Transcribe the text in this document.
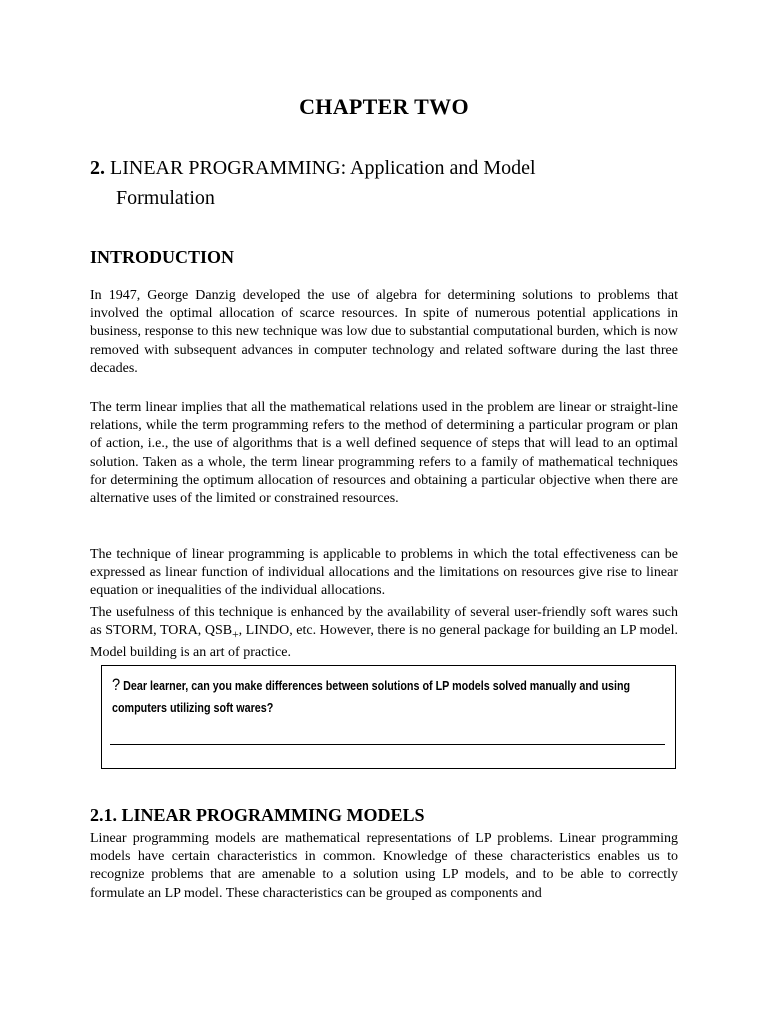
CHAPTER TWO
2. LINEAR PROGRAMMING: Application and Model
Formulation
INTRODUCTION

In 1947, George Danzig developed the use of algebra for determining solutions to problems that involved the optimal allocation of scarce resources. In spite of numerous potential applications in business, response to this new technique was low due to substantial computational burden, which is now removed with subsequent advances in computer technology and related software during the last three decades.

The term linear implies that all the mathematical relations used in the problem are linear or straight-line relations, while the term programming refers to the method of determining a particular program or plan of action, i.e., the use of algorithms that is a well defined sequence of steps that will lead to an optimal solution. Taken as a whole, the term linear programming refers to a family of mathematical techniques for determining the optimum allocation of resources and obtaining a particular objective when there are alternative uses of the limited or constrained resources.

The technique of linear programming is applicable to problems in which the total effectiveness can be expressed as linear function of individual allocations and the limitations on resources give rise to linear equation or inequalities of the individual allocations.

The usefulness of this technique is enhanced by the availability of several user-friendly soft wares such as STORM, TORA, $QSB_+$, LINDO, etc. However, there is no general package for building an LP model. Model building is an art of practice.

? Dear learner, can you make differences between solutions of LP models solved manually and using computers utilizing soft wares?
2.1. LINEAR PROGRAMMING MODELS

Linear programming models are mathematical representations of LP problems. Linear programming models have certain characteristics in common. Knowledge of these characteristics enables us to recognize problems that are amenable to a solution using LP models, and to be able to correctly formulate an LP model. These characteristics can be grouped as components and
